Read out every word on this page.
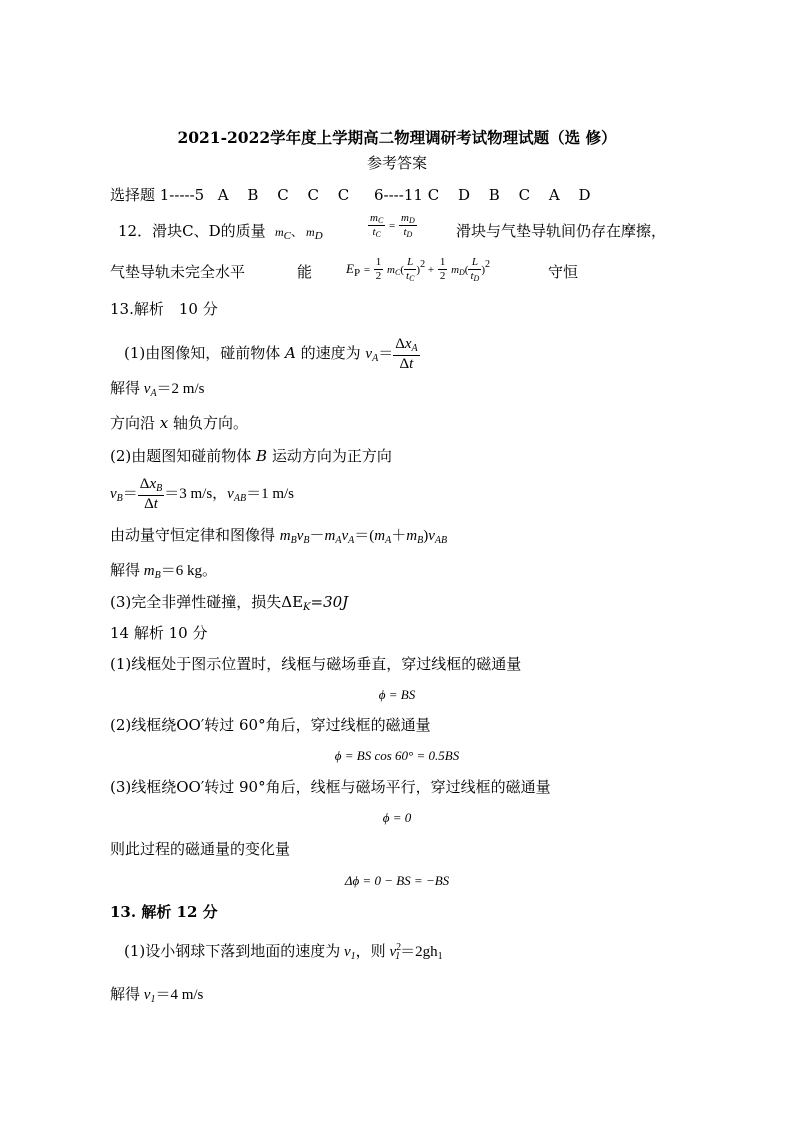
2021-2022学年度上学期高二物理调研考试物理试题（选 修）
参考答案
选择题 1-----5 A B C C C 6----11 C D B C A D
12．滑块C、D的质量 $m_C$、 $m_D$	$\frac{m_C}{t_C} = \frac{m_D}{t_D}$	滑块与气垫导轨间仍存在摩擦，
气垫导轨未完全水平	能	$E_P = \frac{1}{2} m_C( \frac{L}{t_C} )^2 + \frac{1}{2} m_D( \frac{L}{t_D} )^2$	守恒
13.解析　10 分
(1)由图像知，碰前物体 A 的速度为 $v_A= \frac{\Delta x_A}{\Delta t}$
解得 $v_A=2$ m/s
方向沿 x 轴负方向。
(2)由题图知碰前物体 B 运动方向为正方向
$v_B= \frac{\Delta x_B}{\Delta t} =3$ m/s，$v_{AB}=1$ m/s
由动量守恒定律和图像得 $m_Bv_B-m_Av_A=(m_A+m_B)v_{AB}$
解得 $m_B=6$ kg。
(3)完全非弹性碰撞，损失$\Delta E_K=30J$
14 解析 10 分
(1)线框处于图示位置时，线框与磁场垂直，穿过线框的磁通量
ϕ = BS
(2)线框绕OO′转过 60°角后，穿过线框的磁通量
ϕ = BS cos 60° = 0.5BS
(3)线框绕OO′转过 90°角后，线框与磁场平行，穿过线框的磁通量
ϕ = 0
则此过程的磁通量的变化量
Δϕ = 0 − BS = −BS
13. 解析 12 分
(1)设小钢球下落到地面的速度为 $v_1$，则 $v^2_1=2gh_1$
解得 $v_1=4$ m/s
